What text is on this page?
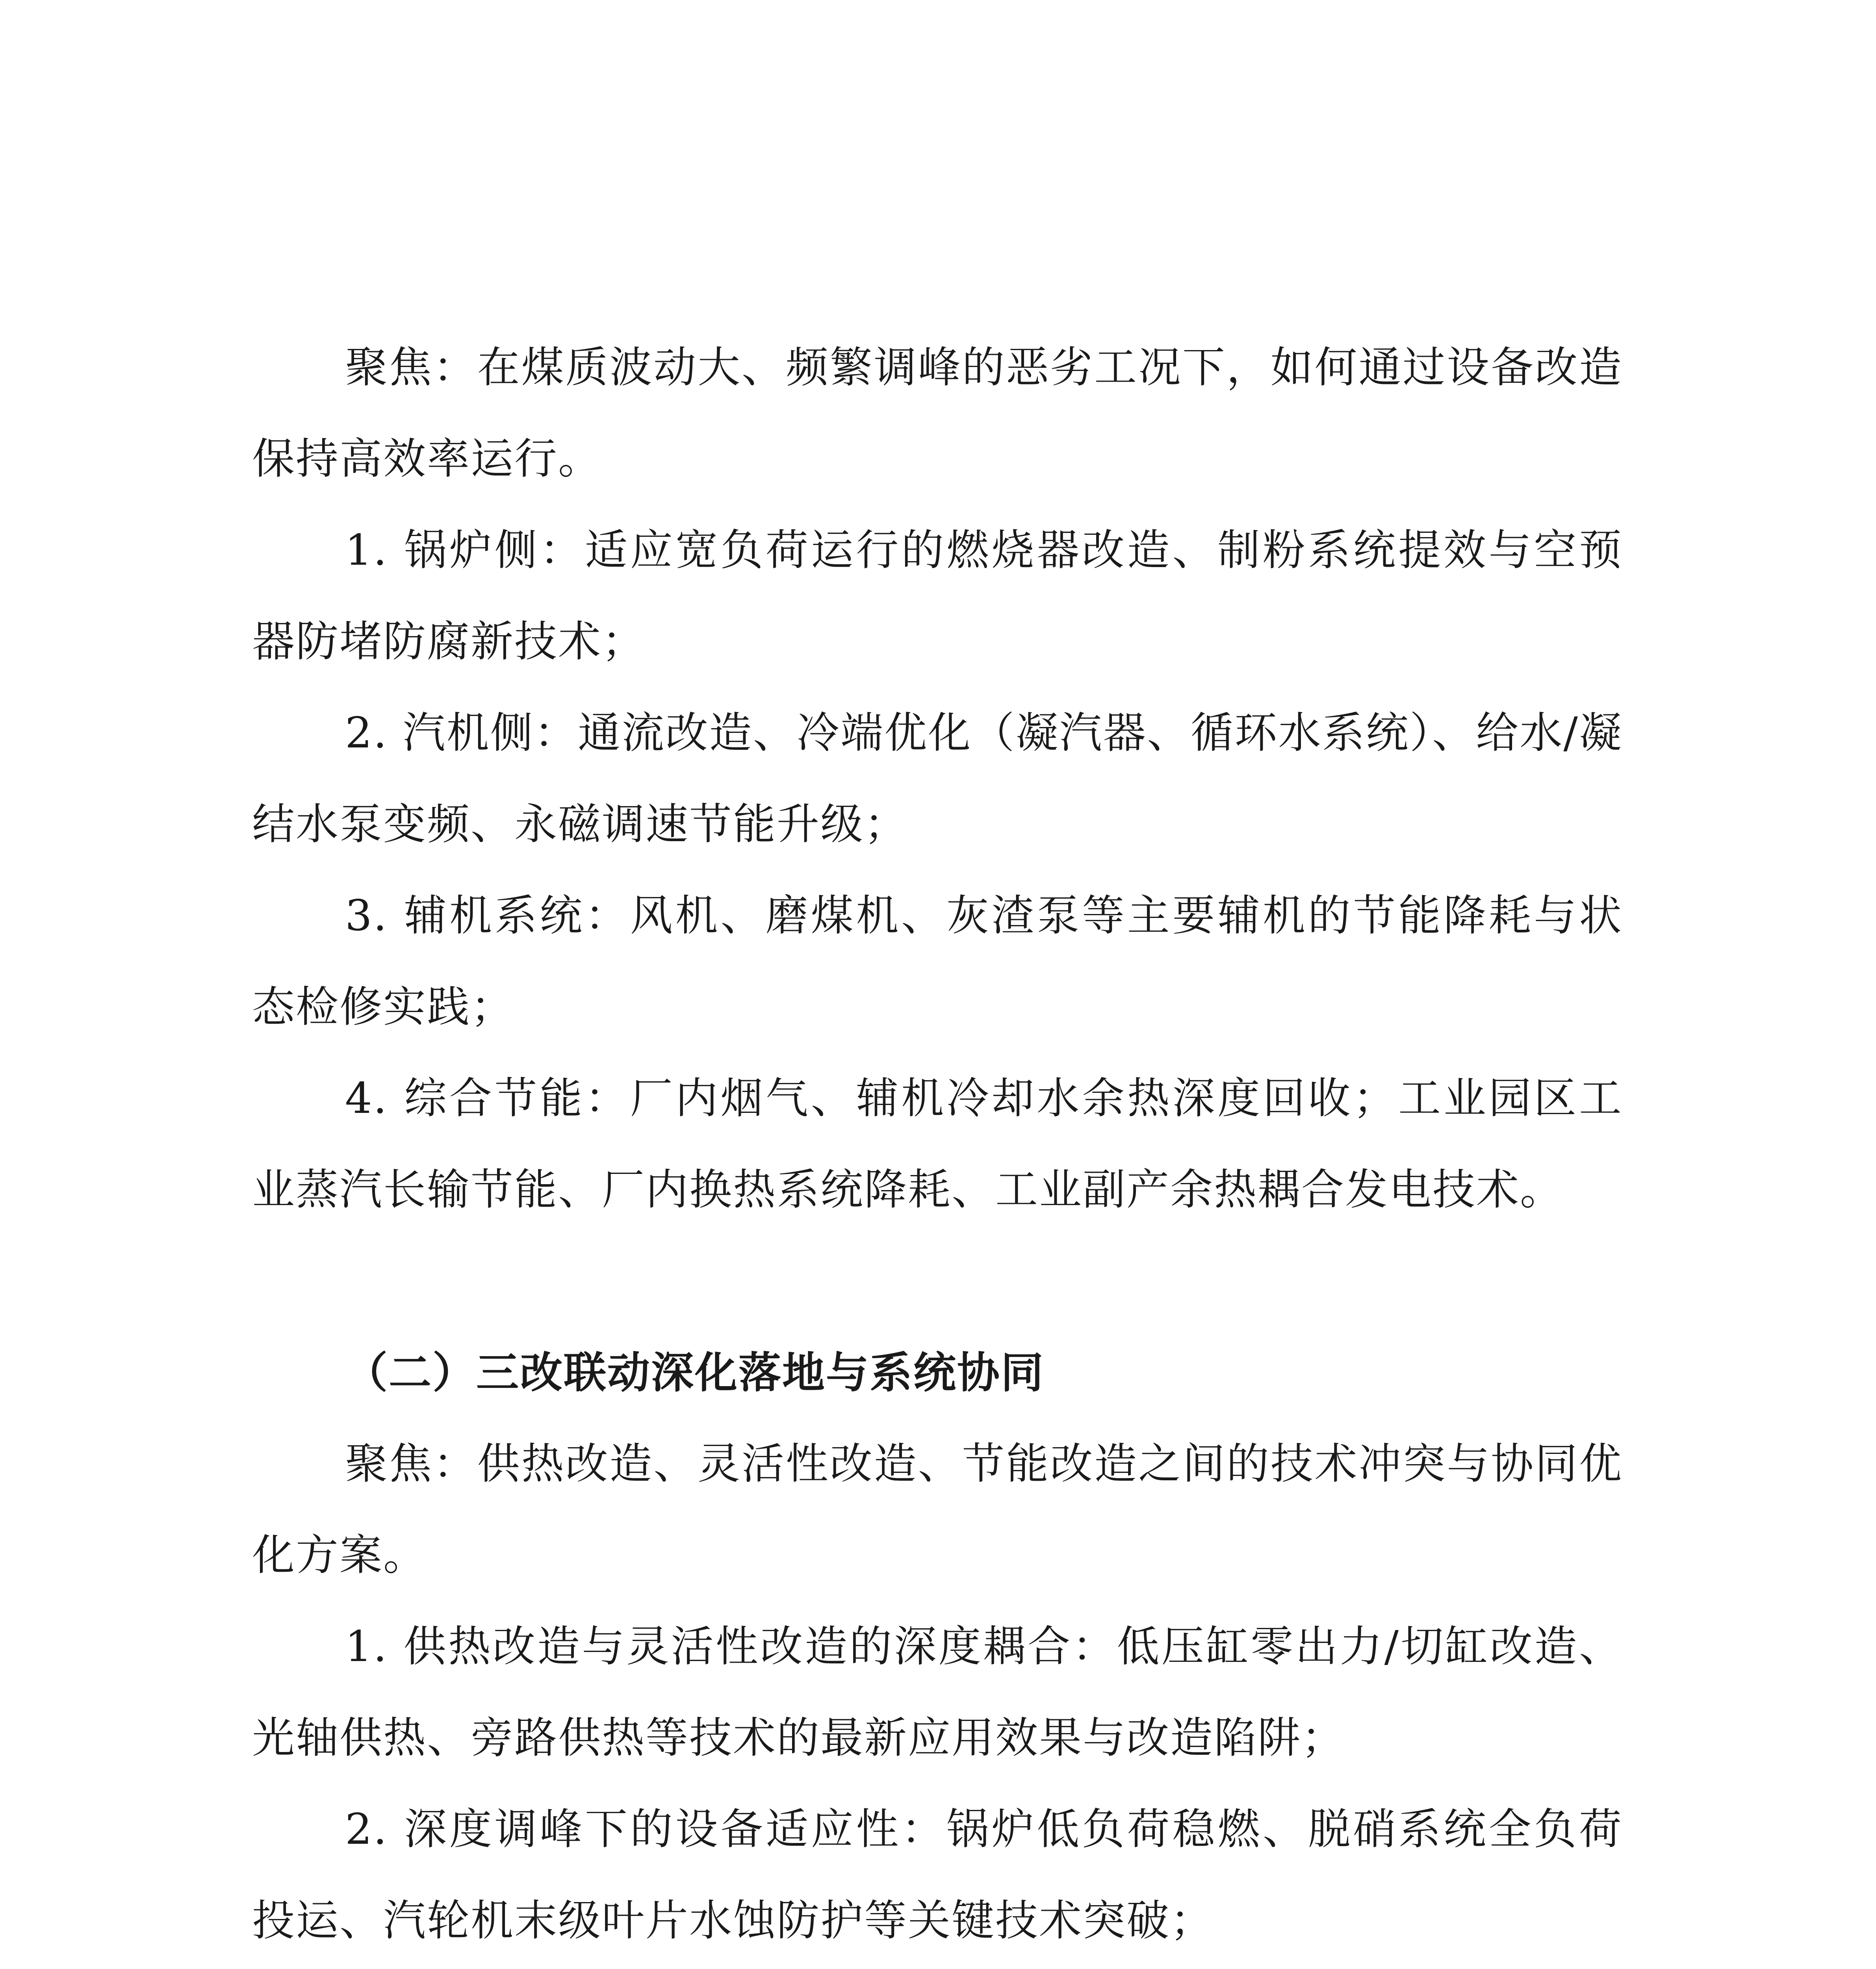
聚焦：在煤质波动大、频繁调峰的恶劣工况下，如何通过设备改造保持高效率运行。

1. 锅炉侧：适应宽负荷运行的燃烧器改造、制粉系统提效与空预器防堵防腐新技术；

2. 汽机侧：通流改造、冷端优化（凝汽器、循环水系统）、给水/凝结水泵变频、永磁调速节能升级；

3. 辅机系统：风机、磨煤机、灰渣泵等主要辅机的节能降耗与状态检修实践；

4. 综合节能：厂内烟气、辅机冷却水余热深度回收；工业园区工业蒸汽长输节能、厂内换热系统降耗、工业副产余热耦合发电技术。

（二）三改联动深化落地与系统协同

聚焦：供热改造、灵活性改造、节能改造之间的技术冲突与协同优化方案。

1. 供热改造与灵活性改造的深度耦合：低压缸零出力/切缸改造、光轴供热、旁路供热等技术的最新应用效果与改造陷阱；

2. 深度调峰下的设备适应性：锅炉低负荷稳燃、脱硝系统全负荷投运、汽轮机末级叶片水蚀防护等关键技术突破；
